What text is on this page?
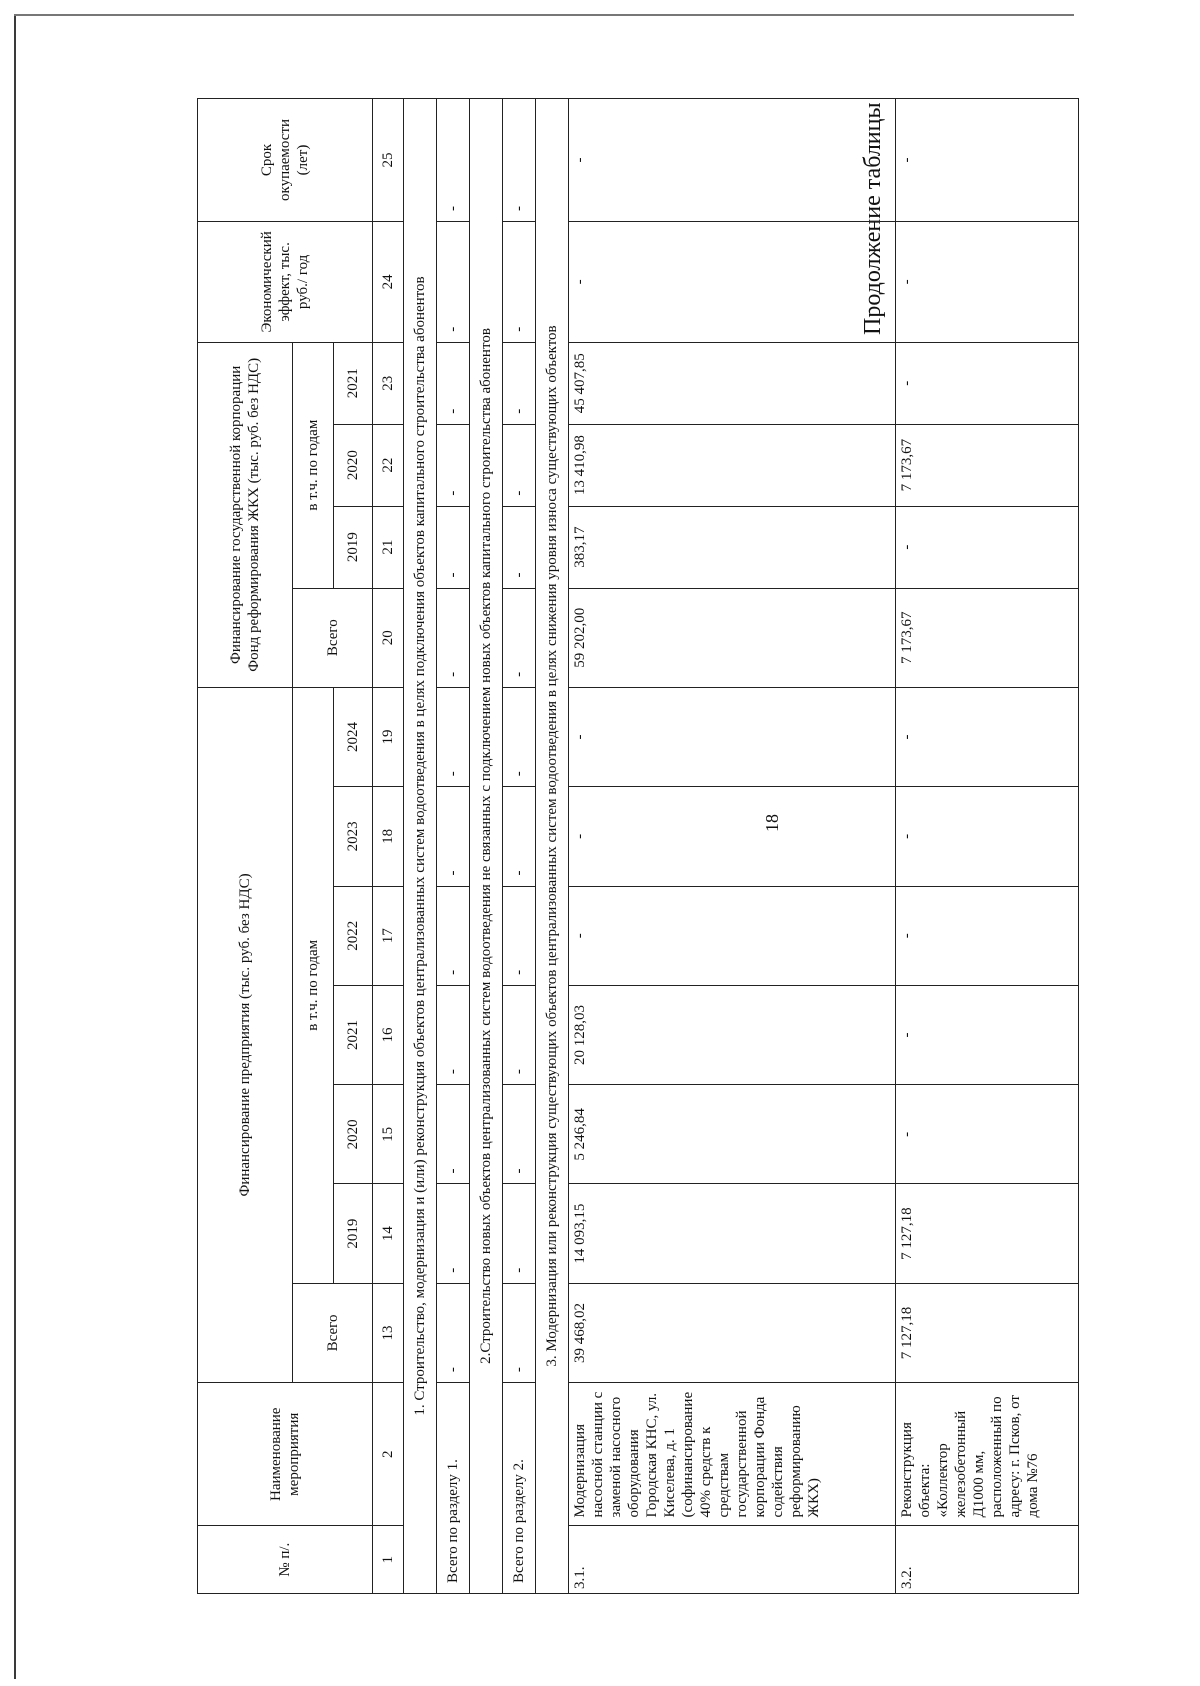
18
Продолжение таблицы
№ п/.	Наименование мероприятия	Финансирование предприятия (тыс. руб. без НДС)							Финансирование государственной корпорации Фонд реформирования ЖКХ (тыс. руб. без НДС)				Экономический эффект, тыс. руб./ год	Срок окупаемости (лет)
		Всего	в т.ч. по годам						Всего	в т.ч. по годам				
			2019	2020	2021	2022	2023	2024		2019	2020	2021		
1	2	13	14	15	16	17	18	19	20	21	22	23	24	25
1. Строительство, модернизация и (или) реконструкция объектов централизованных систем водоотведения в целях подключения объектов капитального строительства абонентов														
Всего по разделу 1.		-	-	-	-	-	-	-	-	-	-	-	-	-
2.Строительство новых объектов централизованных систем водоотведения не связанных с подключением новых объектов капитального строительства абонентов														
Всего по разделу 2.		-	-	-	-	-	-	-	-	-	-	-	-	-
3. Модернизация или реконструкция существующих объектов централизованных систем водоотведения в целях снижения уровня износа существующих объектов														
3.1.	Модернизация насосной станции с заменой насосного оборудования Городская КНС, ул. Киселева, д. 1 (софинансирование 40% средств к средствам государственной корпорации Фонда содействия реформированию ЖКХ)	39 468,02	14 093,15	5 246,84	20 128,03	-	-	-	59 202,00	383,17	13 410,98	45 407,85	-	-
3.2.	Реконструкция объекта: «Коллектор железобетонный Д1000 мм, расположенный по адресу: г. Псков, от дома №76	7 127,18	7 127,18	-	-	-	-	-	7 173,67	-	7 173,67	-	-	-
